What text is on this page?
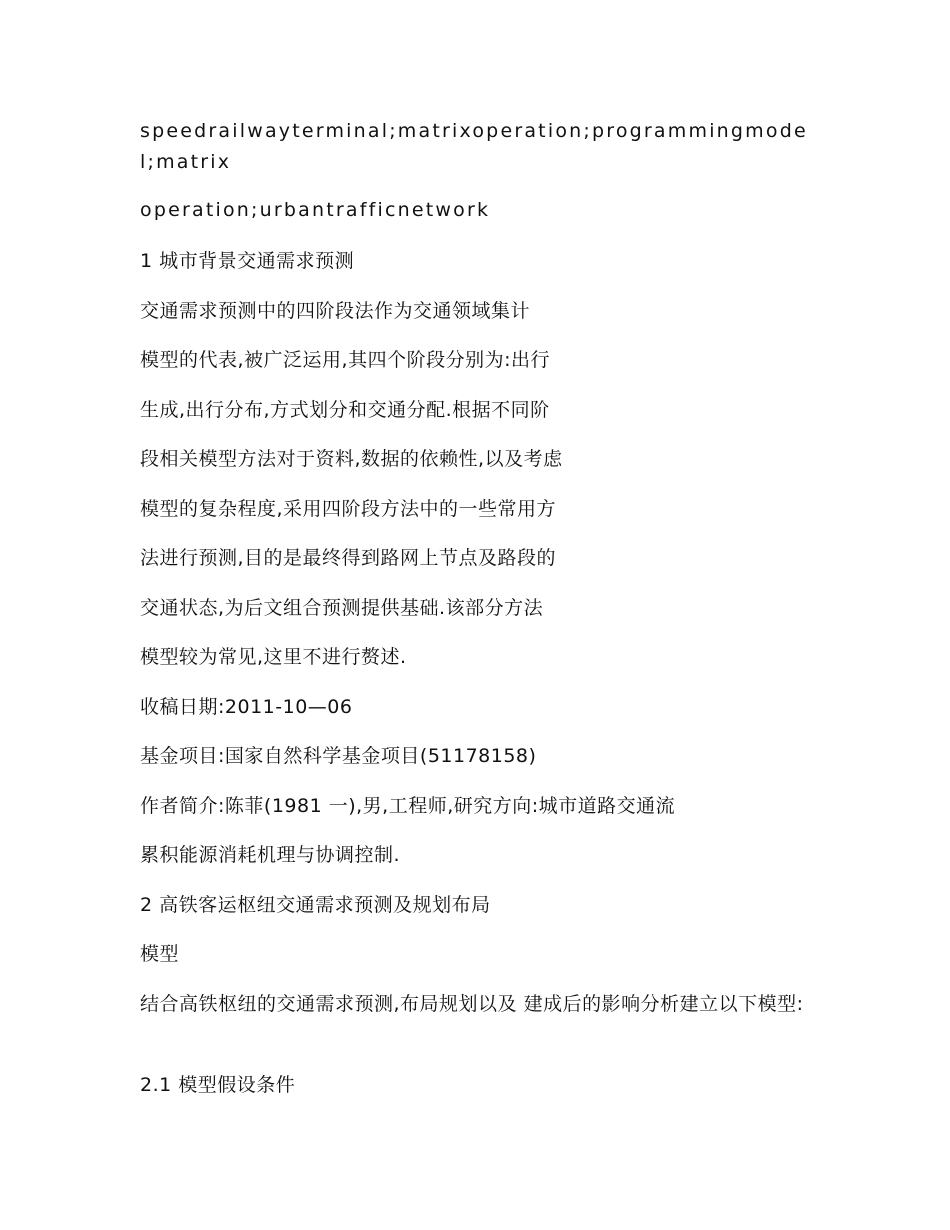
speedrailwayterminal;matrixoperation;programmingmodel;matrix
operation;urbantrafficnetwork
1 城市背景交通需求预测
交通需求预测中的四阶段法作为交通领域集计
模型的代表,被广泛运用,其四个阶段分别为:出行
生成,出行分布,方式划分和交通分配.根据不同阶
段相关模型方法对于资料,数据的依赖性,以及考虑
模型的复杂程度,采用四阶段方法中的一些常用方
法进行预测,目的是最终得到路网上节点及路段的
交通状态,为后文组合预测提供基础.该部分方法
模型较为常见,这里不进行赘述.
收稿日期:2011-10—06
基金项目:国家自然科学基金项目(51178158)
作者简介:陈菲(1981 一),男,工程师,研究方向:城市道路交通流
累积能源消耗机理与协调控制.
2 高铁客运枢纽交通需求预测及规划布局
模型
结合高铁枢纽的交通需求预测,布局规划以及 建成后的影响分析建立以下模型:
2.1 模型假设条件
